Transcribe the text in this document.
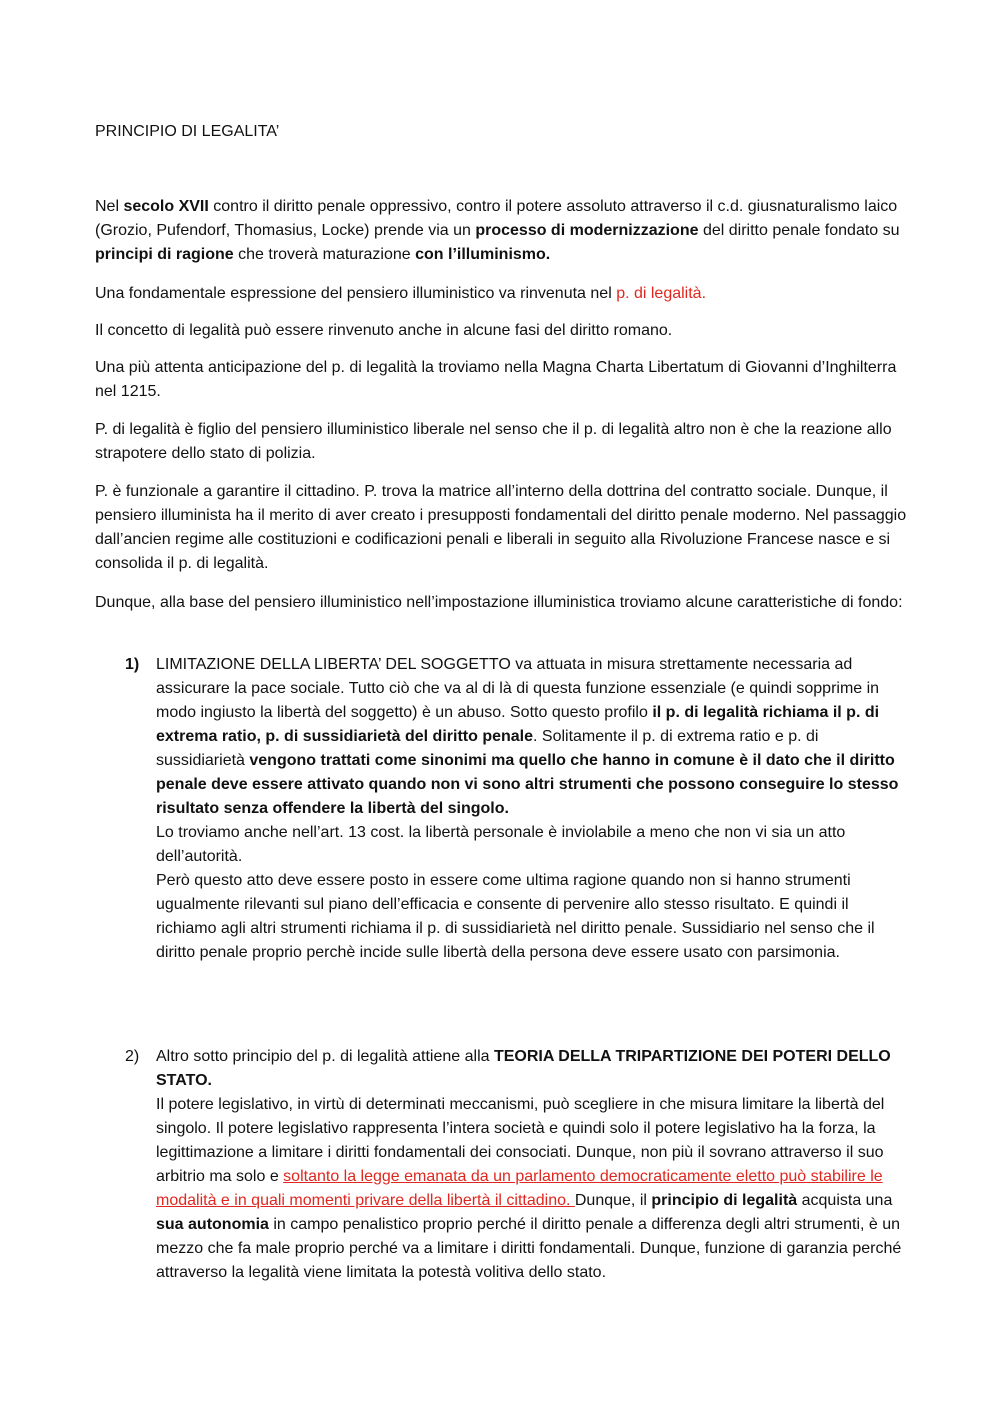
PRINCIPIO DI LEGALITA’

Nel secolo XVII contro il diritto penale oppressivo, contro il potere assoluto attraverso il c.d. giusnaturalismo laico (Grozio, Pufendorf, Thomasius, Locke) prende via un processo di modernizzazione del diritto penale fondato su principi di ragione che troverà maturazione con l’illuminismo.

Una fondamentale espressione del pensiero illuministico va rinvenuta nel p. di legalità.

Il concetto di legalità può essere rinvenuto anche in alcune fasi del diritto romano.

Una più attenta anticipazione del p. di legalità la troviamo nella Magna Charta Libertatum di Giovanni d’Inghilterra nel 1215.

P. di legalità è figlio del pensiero illuministico liberale nel senso che il p. di legalità altro non è che la reazione allo strapotere dello stato di polizia.

P. è funzionale a garantire il cittadino. P. trova la matrice all’interno della dottrina del contratto sociale. Dunque, il pensiero illuminista ha il merito di aver creato i presupposti fondamentali del diritto penale moderno. Nel passaggio dall’ancien regime alle costituzioni e codificazioni penali e liberali in seguito alla Rivoluzione Francese nasce e si consolida il p. di legalità.

Dunque, alla base del pensiero illuministico nell’impostazione illuministica troviamo alcune caratteristiche di fondo:

1)	LIMITAZIONE DELLA LIBERTA’ DEL SOGGETTO va attuata in misura strettamente necessaria ad assicurare la pace sociale. Tutto ciò che va al di là di questa funzione essenziale (e quindi sopprime in modo ingiusto la libertà del soggetto) è un abuso. Sotto questo profilo il p. di legalità richiama il p. di extrema ratio, p. di sussidiarietà del diritto penale. Solitamente il p. di extrema ratio e p. di sussidiarietà vengono trattati come sinonimi ma quello che hanno in comune è il dato che il diritto penale deve essere attivato quando non vi sono altri strumenti che possono conseguire lo stesso risultato senza offendere la libertà del singolo.

Lo troviamo anche nell’art. 13 cost. la libertà personale è inviolabile a meno che non vi sia un atto dell’autorità.

Però questo atto deve essere posto in essere come ultima ragione quando non si hanno strumenti ugualmente rilevanti sul piano dell’efficacia e consente di pervenire allo stesso risultato. E quindi il richiamo agli altri strumenti richiama il p. di sussidiarietà nel diritto penale. Sussidiario nel senso che il diritto penale proprio perchè incide sulle libertà della persona deve essere usato con parsimonia.

2)	Altro sotto principio del p. di legalità attiene alla TEORIA DELLA TRIPARTIZIONE DEI POTERI DELLO STATO.

Il potere legislativo, in virtù di determinati meccanismi, può scegliere in che misura limitare la libertà del singolo. Il potere legislativo rappresenta l’intera società e quindi solo il potere legislativo ha la forza, la legittimazione a limitare i diritti fondamentali dei consociati. Dunque, non più il sovrano attraverso il suo arbitrio ma solo e soltanto la legge emanata da un parlamento democraticamente eletto può stabilire le modalità e in quali momenti privare della libertà il cittadino. Dunque, il principio di legalità acquista una sua autonomia in campo penalistico proprio perché il diritto penale a differenza degli altri strumenti, è un mezzo che fa male proprio perché va a limitare i diritti fondamentali. Dunque, funzione di garanzia perché attraverso la legalità viene limitata la potestà volitiva dello stato.
